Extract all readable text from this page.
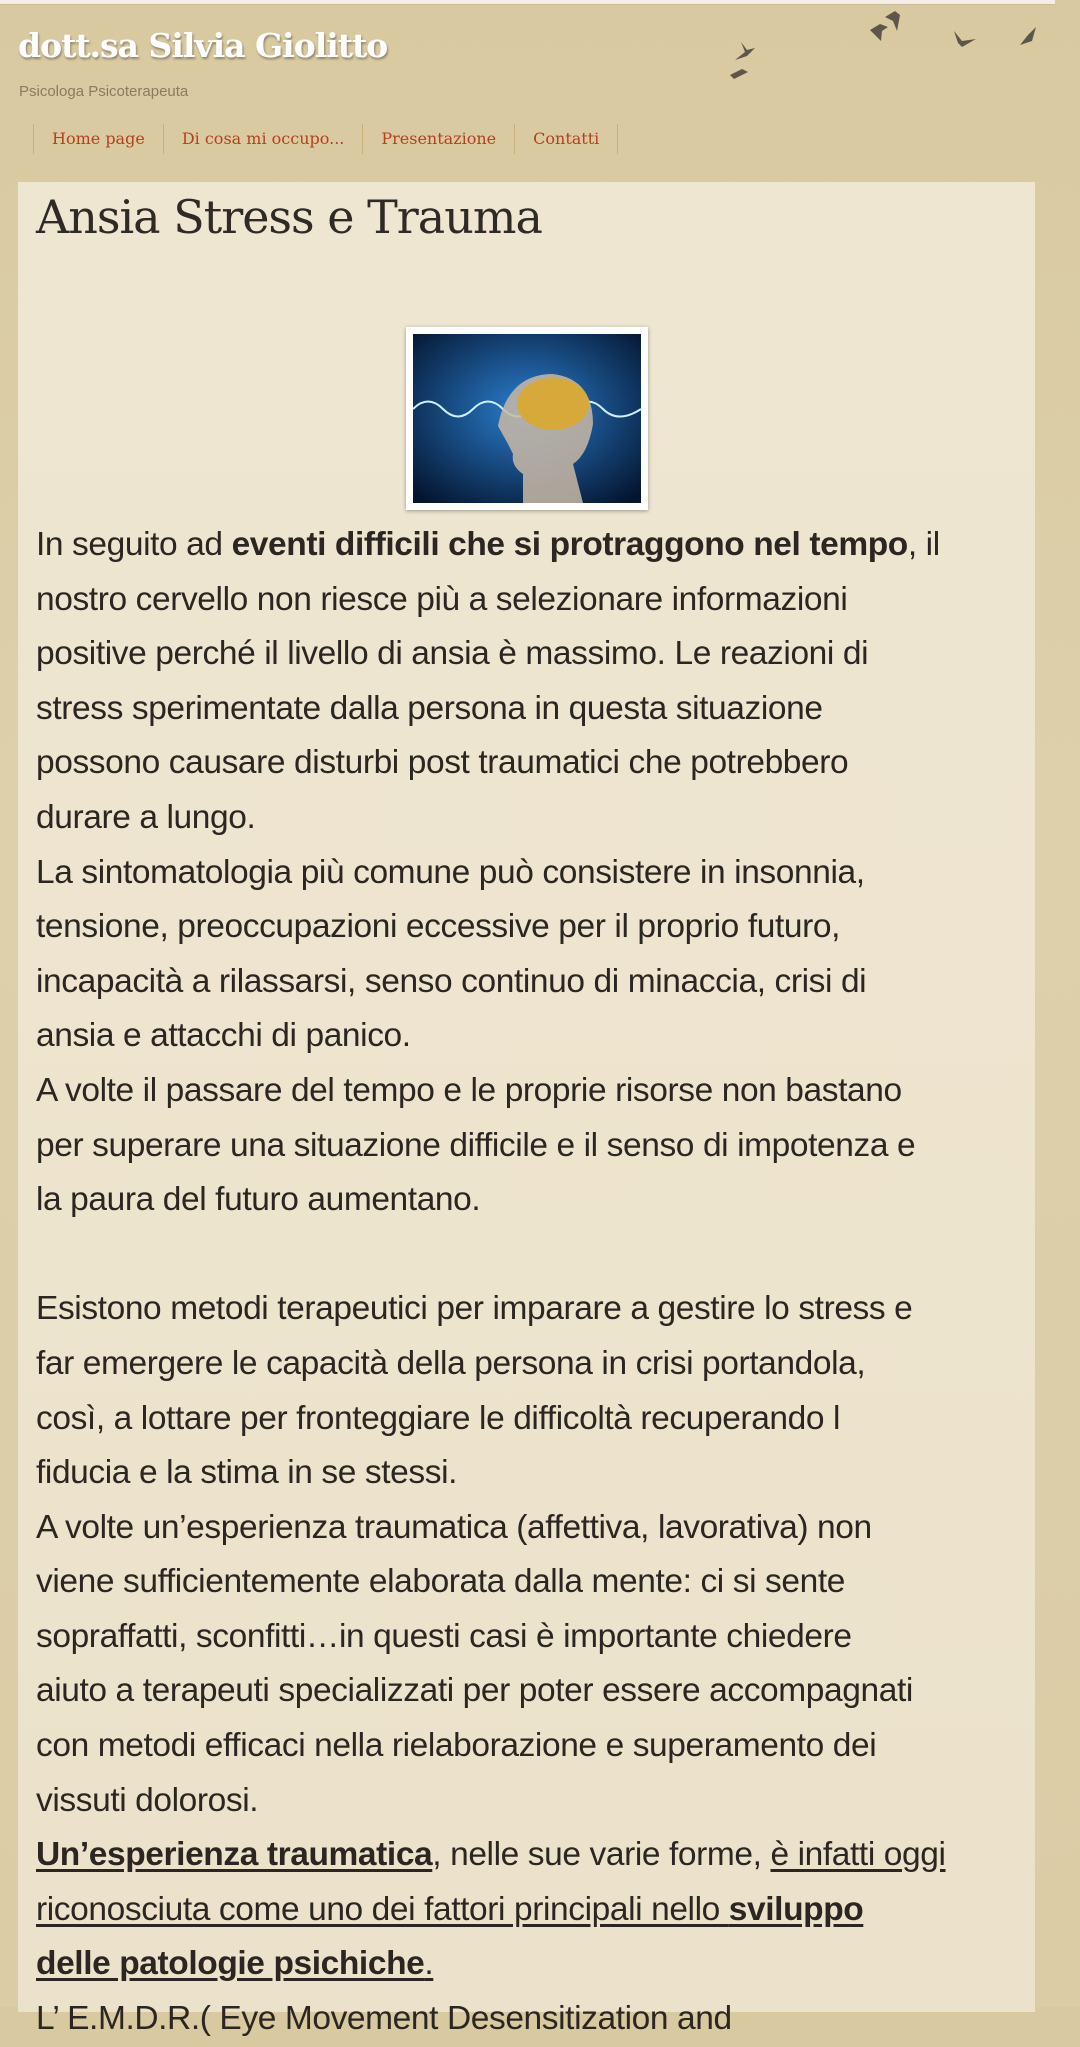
dott.sa Silvia Giolitto
Psicologa Psicoterapeuta
Home page	Di cosa mi occupo...	Presentazione	Contatti
Ansia Stress e Trauma
In seguito ad eventi difficili che si protraggono nel tempo, il
nostro cervello non riesce più a selezionare informazioni
positive perché il livello di ansia è massimo. Le reazioni di
stress sperimentate dalla persona in questa situazione
possono causare disturbi post traumatici che potrebbero
durare a lungo.
La sintomatologia più comune può consistere in insonnia,
tensione, preoccupazioni eccessive per il proprio futuro,
incapacità a rilassarsi, senso continuo di minaccia, crisi di
ansia e attacchi di panico.
A volte il passare del tempo e le proprie risorse non bastano
per superare una situazione difficile e il senso di impotenza e
la paura del futuro aumentano.
Esistono metodi terapeutici per imparare a gestire lo stress e
far emergere le capacità della persona in crisi portandola,
così, a lottare per fronteggiare le difficoltà recuperando l
fiducia e la stima in se stessi.
A volte un’esperienza traumatica (affettiva, lavorativa) non
viene sufficientemente elaborata dalla mente: ci si sente
sopraffatti, sconfitti…in questi casi è importante chiedere
aiuto a terapeuti specializzati per poter essere accompagnati
con metodi efficaci nella rielaborazione e superamento dei
vissuti dolorosi.
Un’esperienza traumatica, nelle sue varie forme, è infatti oggi
riconosciuta come uno dei fattori principali nello sviluppo
delle patologie psichiche.
L’ E.M.D.R.( Eye Movement Desensitization and
